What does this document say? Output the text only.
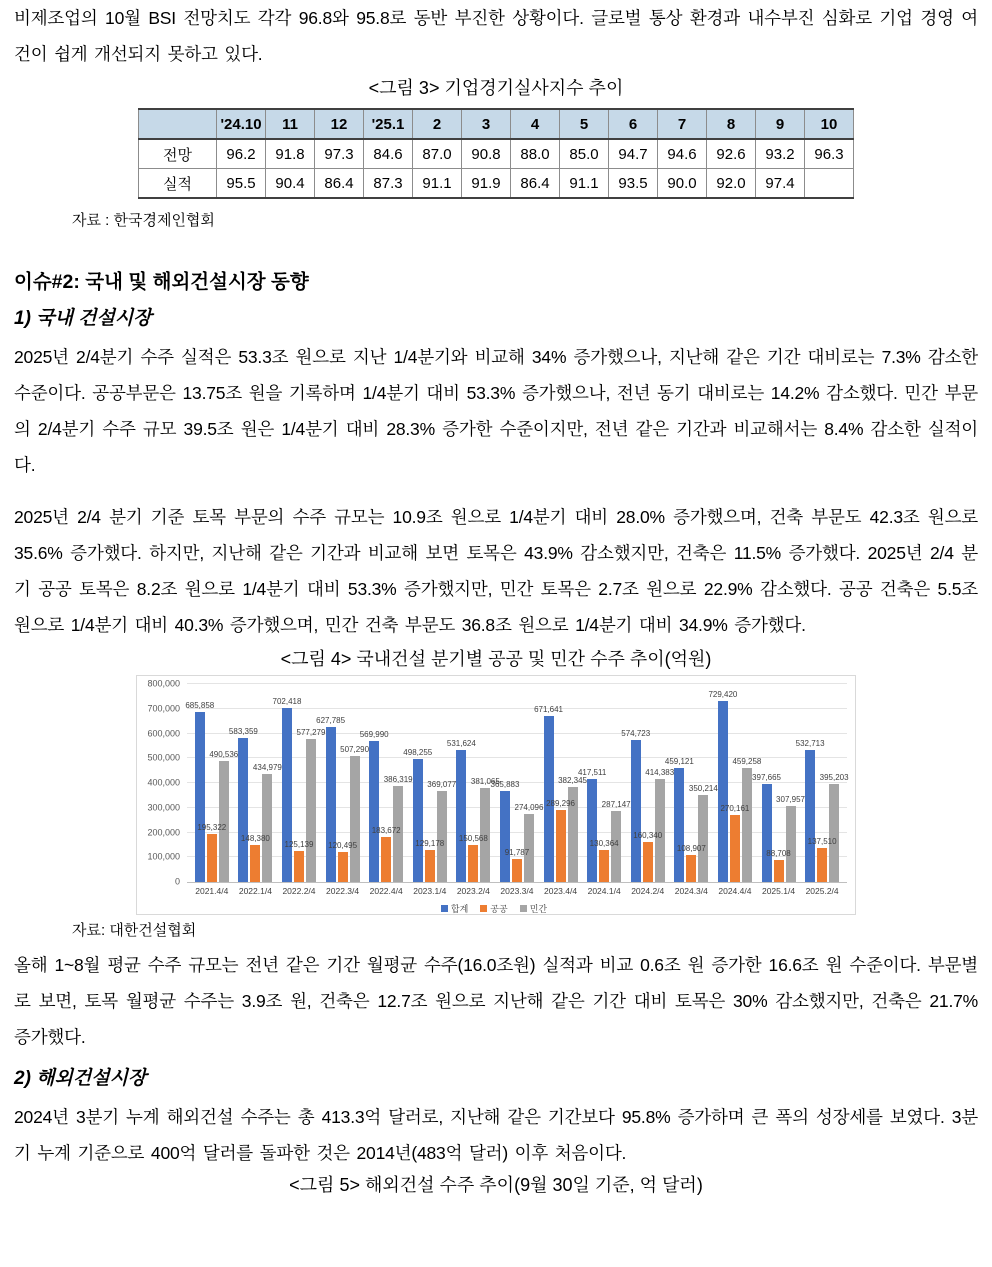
비제조업의 10월 BSI 전망치도 각각 96.8와 95.8로 동반 부진한 상황이다. 글로벌 통상 환경과 내수부진 심화로 기업 경영 여건이 쉽게 개선되지 못하고 있다.

<그림 3> 기업경기실사지수 추이

	'24.10	11	12	'25.1	2	3	4	5	6	7	8	9	10
전망	96.2	91.8	97.3	84.6	87.0	90.8	88.0	85.0	94.7	94.6	92.6	93.2	96.3
실적	95.5	90.4	86.4	87.3	91.1	91.9	86.4	91.1	93.5	90.0	92.0	97.4	

자료 : 한국경제인협회

이슈#2: 국내 및 해외건설시장 동향

1) 국내 건설시장

2025년 2/4분기 수주 실적은 53.3조 원으로 지난 1/4분기와 비교해 34% 증가했으나, 지난해 같은 기간 대비로는 7.3% 감소한 수준이다. 공공부문은 13.75조 원을 기록하며 1/4분기 대비 53.3% 증가했으나, 전년 동기 대비로는 14.2% 감소했다. 민간 부문의 2/4분기 수주 규모 39.5조 원은 1/4분기 대비 28.3% 증가한 수준이지만, 전년 같은 기간과 비교해서는 8.4% 감소한 실적이다.

2025년 2/4 분기 기준 토목 부문의 수주 규모는 10.9조 원으로 1/4분기 대비 28.0% 증가했으며, 건축 부문도 42.3조 원으로 35.6% 증가했다. 하지만, 지난해 같은 기간과 비교해 보면 토목은 43.9% 감소했지만, 건축은 11.5% 증가했다. 2025년 2/4 분기 공공 토목은 8.2조 원으로 1/4분기 대비 53.3% 증가했지만, 민간 토목은 2.7조 원으로 22.9% 감소했다. 공공 건축은 5.5조 원으로 1/4분기 대비 40.3% 증가했으며, 민간 건축 부문도 36.8조 원으로 1/4분기 대비 34.9% 증가했다.

<그림 4> 국내건설 분기별 공공 및 민간 수주 추이(억원)

0
100,000
200,000
300,000
400,000
500,000
600,000
700,000
800,000
685,858
195,322
490,536
583,359
148,380
434,979
702,418
125,139
577,279
627,785
120,495
507,290
569,990
183,672
386,319
498,255
129,178
369,077
531,624
150,568
381,065
365,883
91,787
274,096
671,641
289,296
382,345
417,511
130,364
287,147
574,723
160,340
414,383
459,121
108,907
350,214
729,420
270,161
459,258
397,665
88,708
307,957
532,713
137,510
395,203
2021.4/4 2022.1/4 2022.2/4 2022.3/4 2022.4/4 2023.1/4 2023.2/4 2023.3/4 2023.4/4 2024.1/4 2024.2/4 2024.3/4 2024.4/4 2025.1/4 2025.2/4
합계 공공 민간

자료: 대한건설협회

올해 1~8월 평균 수주 규모는 전년 같은 기간 월평균 수주(16.0조원) 실적과 비교 0.6조 원 증가한 16.6조 원 수준이다. 부문별로 보면, 토목 월평균 수주는 3.9조 원, 건축은 12.7조 원으로 지난해 같은 기간 대비 토목은 30% 감소했지만, 건축은 21.7% 증가했다.

2) 해외건설시장

2024년 3분기 누계 해외건설 수주는 총 413.3억 달러로, 지난해 같은 기간보다 95.8% 증가하며 큰 폭의 성장세를 보였다. 3분기 누계 기준으로 400억 달러를 돌파한 것은 2014년(483억 달러) 이후 처음이다.

<그림 5> 해외건설 수주 추이(9월 30일 기준, 억 달러)
